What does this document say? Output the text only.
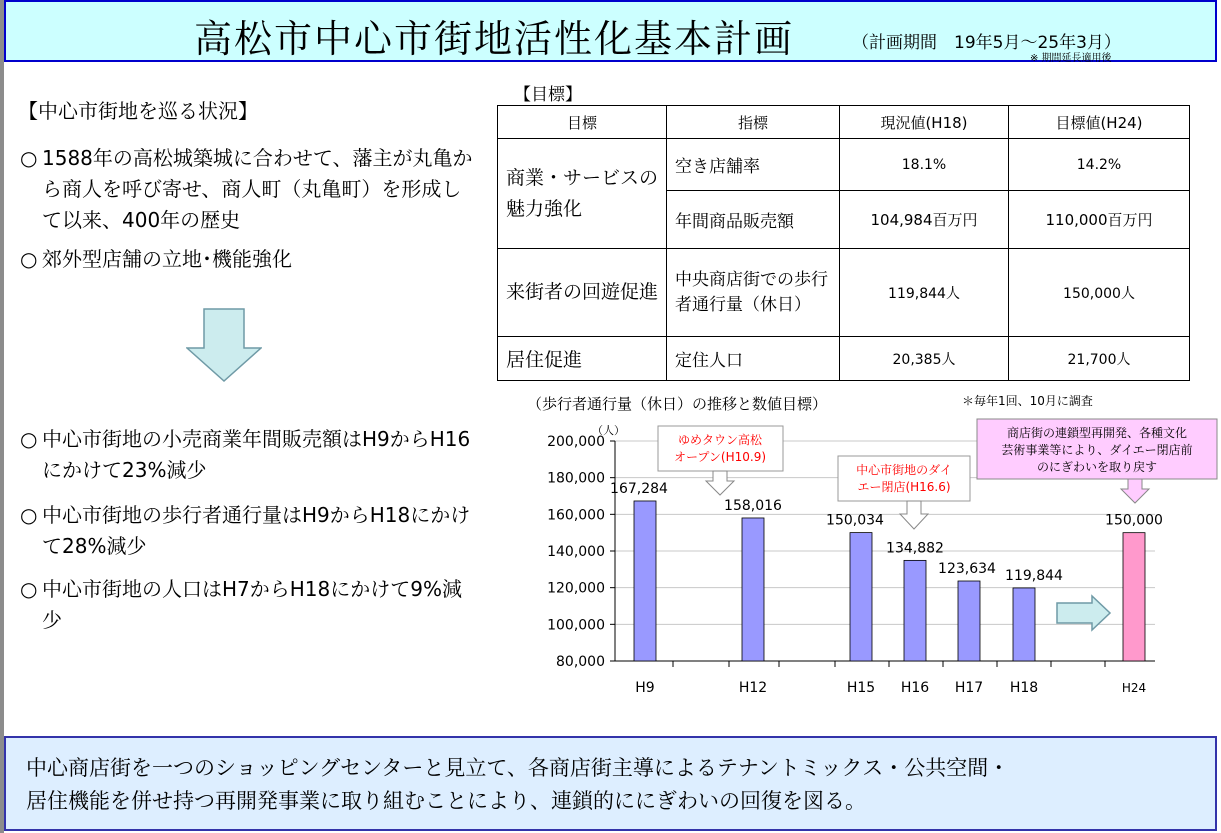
高松市中心市街地活性化基本計画	（計画期間　19年5月～25年3月）
※ 期間延長適用後
【中心市街地を巡る状況】
○ 1588年の高松城築城に合わせて、藩主が丸亀から商人を呼び寄せ、商人町（丸亀町）を形成して以来、400年の歴史
○ 郊外型店舗の立地･機能強化
○ 中心市街地の小売商業年間販売額はH9からH16にかけて23%減少
○ 中心市街地の歩行者通行量はH9からH18にかけて28%減少
○ 中心市街地の人口はH7からH18にかけて9%減少
【目標】
目標	指標	現況値(H18)	目標値(H24)
商業・サービスの魅力強化	空き店舗率	18.1%	14.2%
	年間商品販売額	104,984百万円	110,000百万円
来街者の回遊促進	中央商店街での歩行者通行量（休日）	119,844人	150,000人
居住促進	定住人口	20,385人	21,700人
（歩行者通行量（休日）の推移と数値目標）	＊毎年1回、10月に調査
80,000
100,000
120,000
140,000
160,000
180,000
200,000
（人）
167,284
H9
158,016
H12
150,034
H15
134,882
H16
123,634
H17
119,844
H18
150,000
H24
ゆめタウン高松
オープン(H10.9)
中心市街地のダイ
エー閉店(H16.6)
商店街の連鎖型再開発、各種文化
芸術事業等により、ダイエー閉店前
のにぎわいを取り戻す
中心商店街を一つのショッピングセンターと見立て、各商店街主導によるテナントミックス・公共空間・
居住機能を併せ持つ再開発事業に取り組むことにより、連鎖的ににぎわいの回復を図る。
